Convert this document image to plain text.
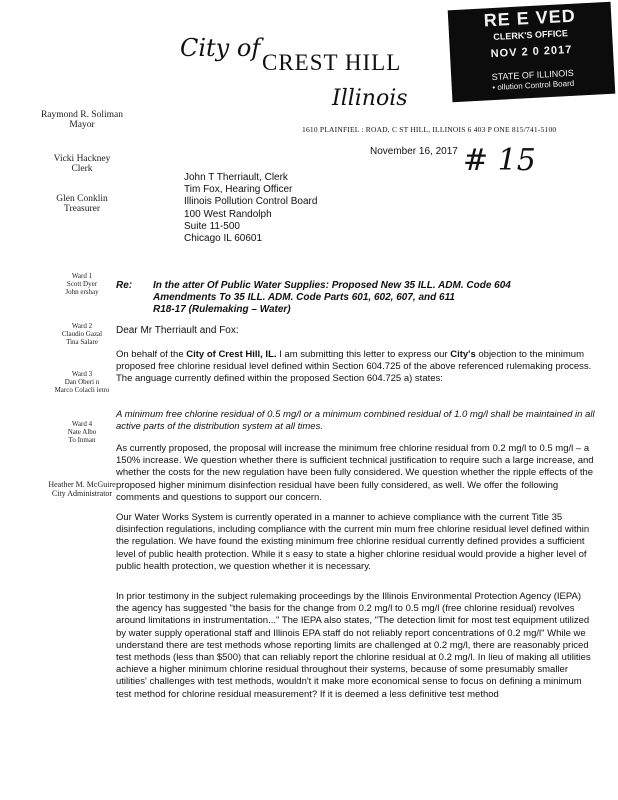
City of
CREST HILL
Illinois
1610 PLAINFIEL : ROAD, C ST HILL, ILLINOIS 6 403 P ONE 815/741-5100
RE E VED
CLERK'S OFFICE
NOV 2 0 2017
STATE OF ILLINOIS
• ollution Control Board
Raymond R. Soliman
Mayor
Vicki Hackney
Clerk
Glen Conklin
Treasurer
Ward 1
Scott Dyer
John ershay
Ward 2
Claudio Gazal
Tina Salare
Ward 3
Dan Oberi n
Marco Colacli ietro
Ward 4
Nate Albo
To Inman
Heather M. McGuire
City Administrator
November 16, 2017 # 15
John T Therriault, Clerk
Tim Fox, Hearing Officer
Illinois Pollution Control Board
100 West Randolph
Suite 11-500
Chicago IL 60601
Re: In the atter Of Public Water Supplies: Proposed New 35 ILL. ADM. Code 604
Amendments To 35 ILL. ADM. Code Parts 601, 602, 607, and 611
R18-17 (Rulemaking – Water)
Dear Mr Therriault and Fox:
On behalf of the City of Crest Hill, IL. I am submitting this letter to express our City's objection to the minimum proposed free chlorine residual level defined within Section 604.725 of the above referenced rulemaking process. The anguage currently defined within the proposed Section 604.725 a) states:
A minimum free chlorine residual of 0.5 mg/l or a minimum combined residual of 1.0 mg/l shall be maintained in all active parts of the distribution system at all times.
As currently proposed, the proposal will increase the minimum free chlorine residual from 0.2 mg/l to 0.5 mg/l – a 150% increase. We question whether there is sufficient technical justification to require such a large increase, and whether the costs for the new regulation have been fully considered. We question whether the ripple effects of the proposed higher minimum disinfection residual have been fully considered, as well. We offer the following comments and questions to support our concern.
Our Water Works System is currently operated in a manner to achieve compliance with the current Title 35 disinfection regulations, including compliance with the current min mum free chlorine residual level defined within the regulation. We have found the existing minimum free chlorine residual currently defined provides a sufficient level of public health protection. While it s easy to state a higher chlorine residual would provide a higher level of public health protection, we question whether it is necessary.
In prior testimony in the subject rulemaking proceedings by the Illinois Environmental Protection Agency (IEPA) the agency has suggested "the basis for the change from 0.2 mg/l to 0.5 mg/l (free chlorine residual) revolves around limitations in instrumentation..." The IEPA also states, "The detection limit for most test equipment utilized by water supply operational staff and Illinois EPA staff do not reliably report concentrations of 0.2 mg/l" While we understand there are test methods whose reporting limits are challenged at 0.2 mg/l, there are reasonably priced test methods (less than $500) that can reliably report the chlorine residual at 0.2 mg/l. In lieu of making all utilities achieve a higher minimum chlorine residual throughout their systems, because of some presumably smaller utilities' challenges with test methods, wouldn't it make more economical sense to focus on defining a minimum test method for chlorine residual measurement? If it is deemed a less definitive test method
